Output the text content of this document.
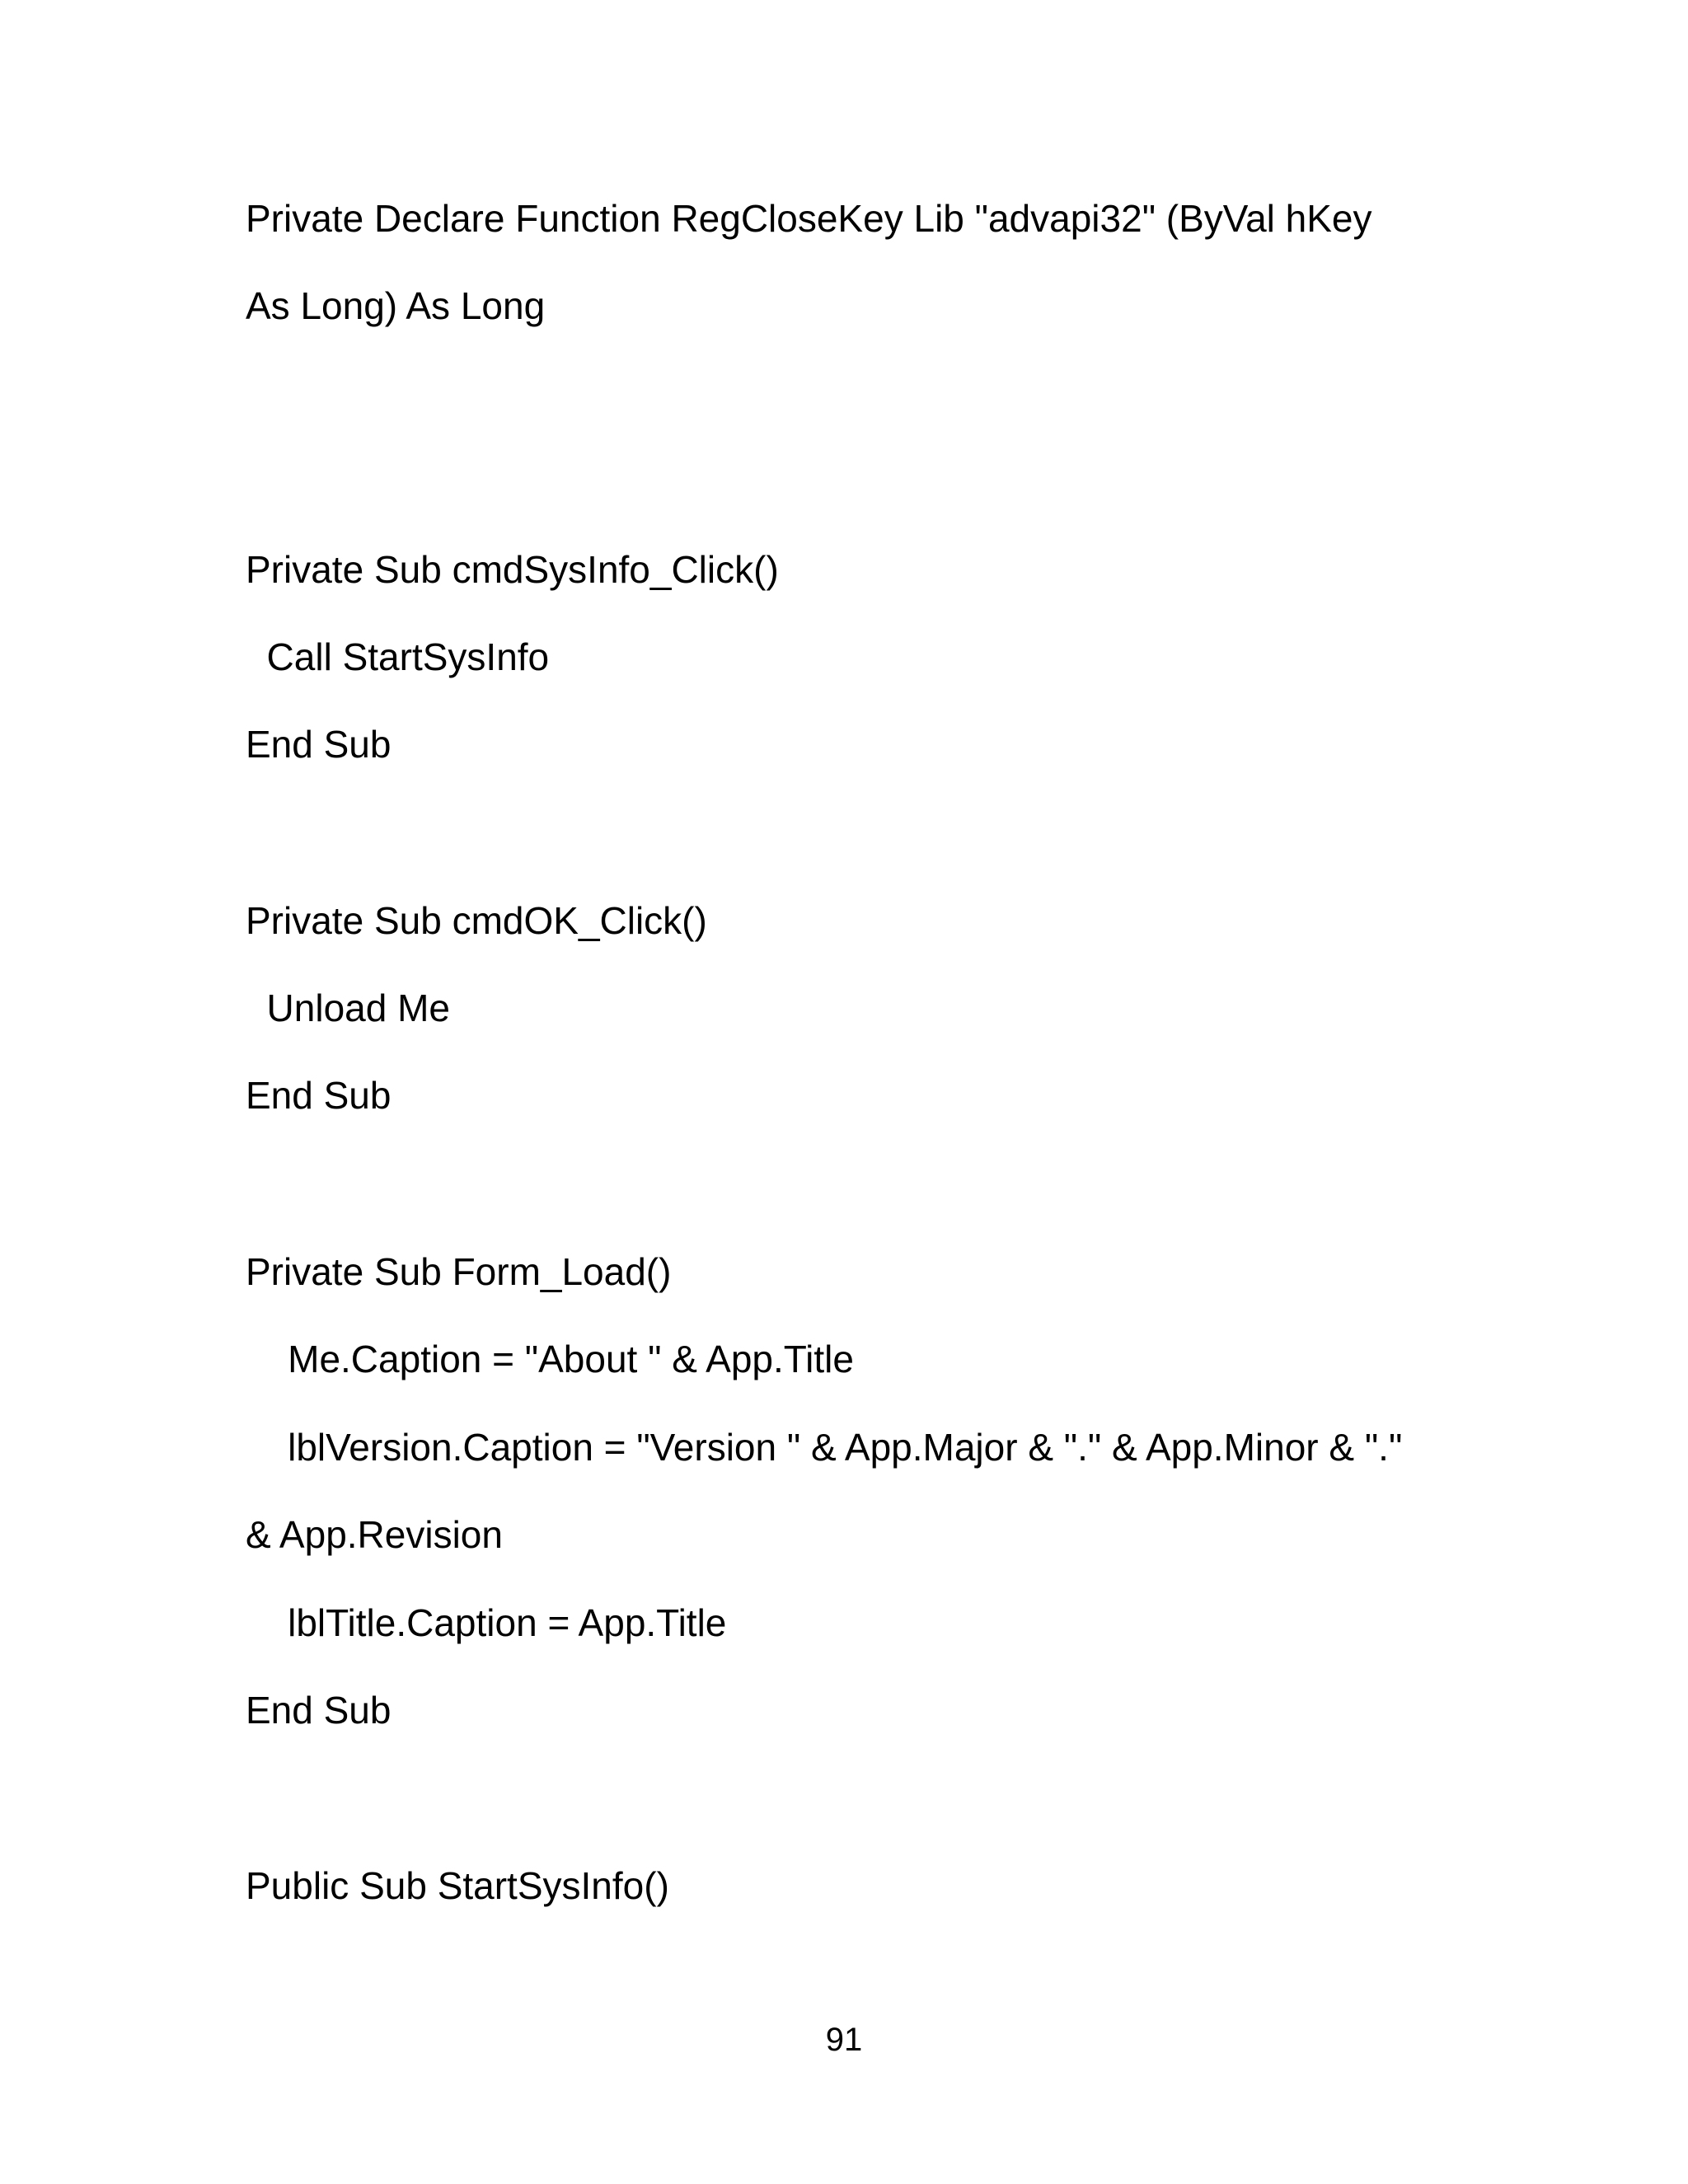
Private Declare Function RegCloseKey Lib "advapi32" (ByVal hKey

As Long) As Long

Private Sub cmdSysInfo_Click()

Call StartSysInfo

End Sub

Private Sub cmdOK_Click()

Unload Me

End Sub

Private Sub Form_Load()

Me.Caption = "About " & App.Title

lblVersion.Caption = "Version " & App.Major & "." & App.Minor & "."

& App.Revision

lblTitle.Caption = App.Title

End Sub

Public Sub StartSysInfo()

91
